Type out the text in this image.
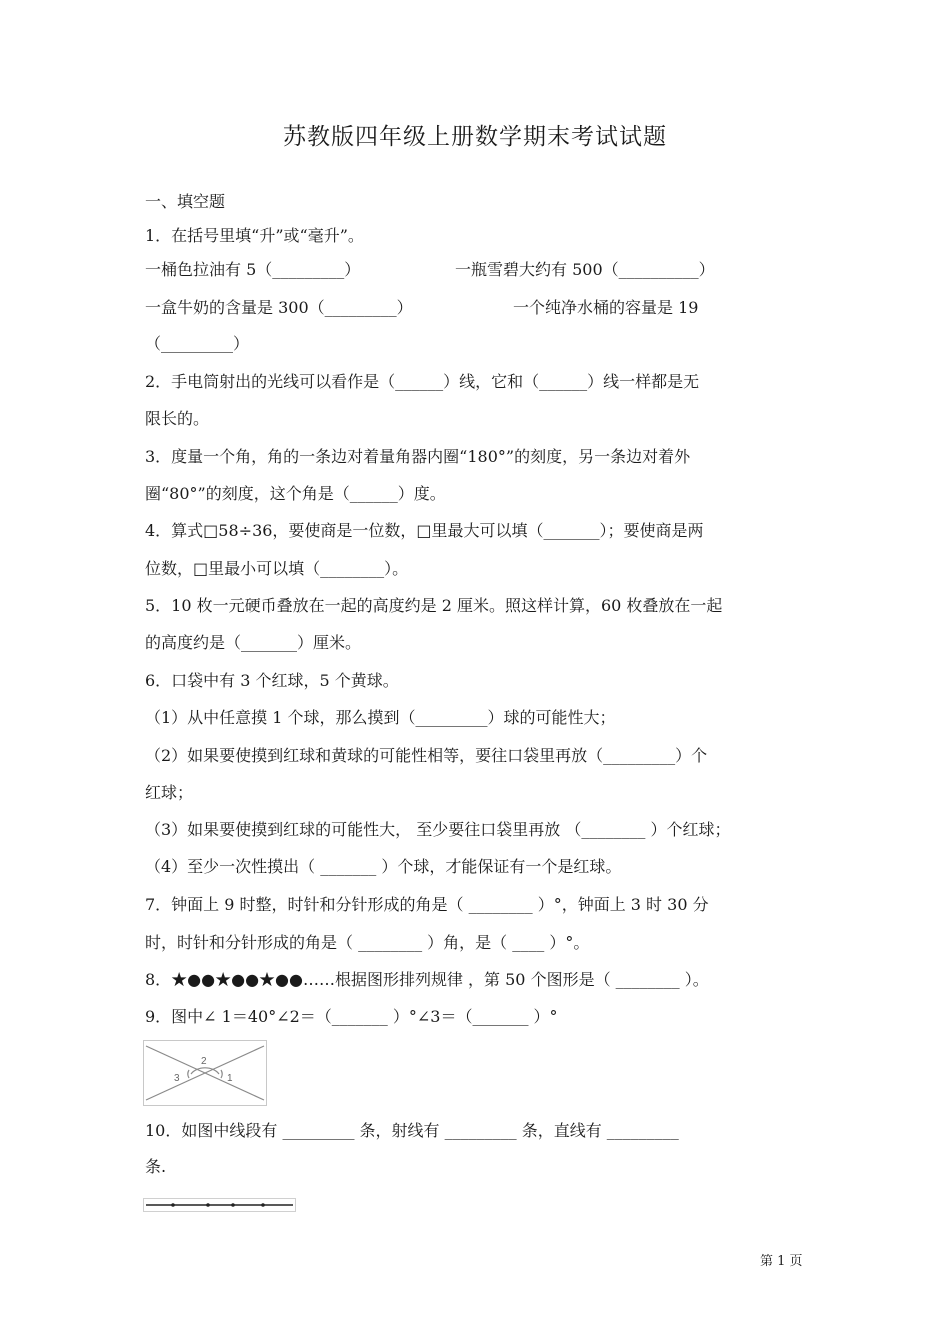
苏教版四年级上册数学期末考试试题
一、填空题
1．在括号里填“升”或“毫升”。
一桶色拉油有 5（_________）	一瓶雪碧大约有 500（__________）
一盒牛奶的含量是 300（_________）	一个纯净水桶的容量是 19
（_________）
2．手电筒射出的光线可以看作是（______）线，它和（______）线一样都是无
限长的。
3．度量一个角，角的一条边对着量角器内圈“180°”的刻度，另一条边对着外
圈“80°”的刻度，这个角是（______）度。
4．算式□58÷36，要使商是一位数，□里最大可以填（_______）；要使商是两
位数，□里最小可以填（________）。
5．10 枚一元硬币叠放在一起的高度约是 2 厘米。照这样计算，60 枚叠放在一起
的高度约是（_______）厘米。
6．口袋中有 3 个红球，5 个黄球。
（1）从中任意摸 1 个球，那么摸到（_________）球的可能性大；
（2）如果要使摸到红球和黄球的可能性相等，要往口袋里再放（_________）个
红球；
（3）如果要使摸到红球的可能性大， 至少要往口袋里再放 （________ ）个红球；
（4）至少一次性摸出（ _______ ）个球，才能保证有一个是红球。
7．钟面上 9 时整，时针和分针形成的角是（ ________ ）°，钟面上 3 时 30 分
时，时针和分针形成的角是（ ________ ）角，是（ ____ ）°。
8．★●●★●●★●●……根据图形排列规律 ，第 50 个图形是（ ________ ）。
9．图中∠ 1＝40°∠2＝（_______ ）°∠3＝（_______ ）°
3
2
1
10．如图中线段有 _________ 条，射线有 _________ 条，直线有 _________
条.
第 1 页
